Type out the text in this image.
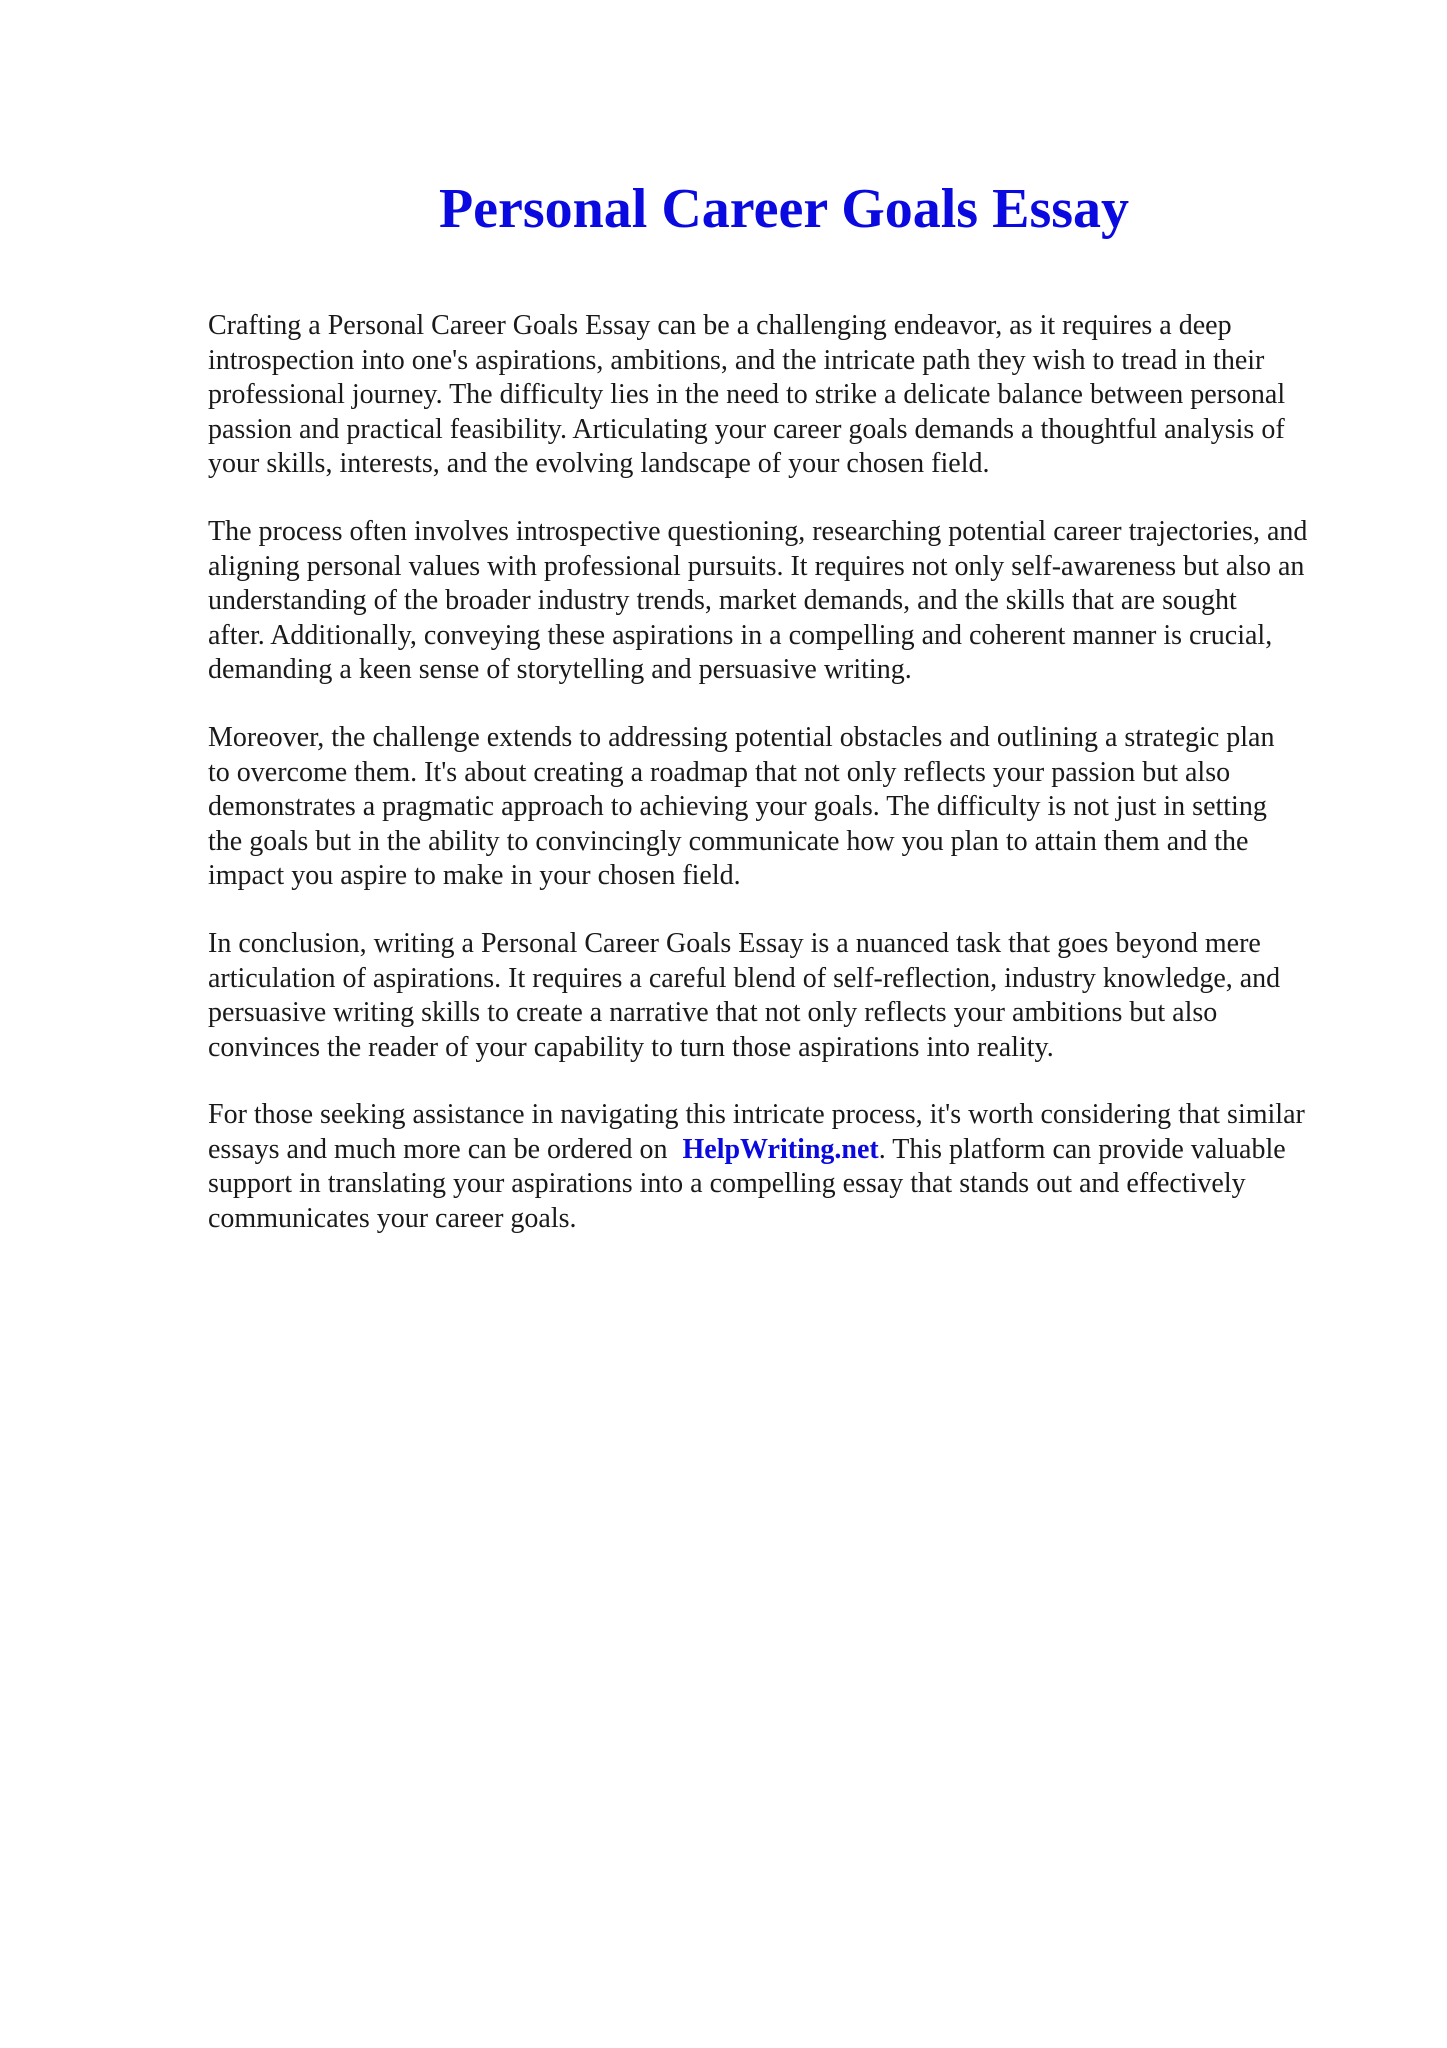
Personal Career Goals Essay
Crafting a Personal Career Goals Essay can be a challenging endeavor, as it requires a deep
introspection into one's aspirations, ambitions, and the intricate path they wish to tread in their
professional journey. The difficulty lies in the need to strike a delicate balance between personal
passion and practical feasibility. Articulating your career goals demands a thoughtful analysis of
your skills, interests, and the evolving landscape of your chosen field.
The process often involves introspective questioning, researching potential career trajectories, and
aligning personal values with professional pursuits. It requires not only self-awareness but also an
understanding of the broader industry trends, market demands, and the skills that are sought
after. Additionally, conveying these aspirations in a compelling and coherent manner is crucial,
demanding a keen sense of storytelling and persuasive writing.
Moreover, the challenge extends to addressing potential obstacles and outlining a strategic plan
to overcome them. It's about creating a roadmap that not only reflects your passion but also
demonstrates a pragmatic approach to achieving your goals. The difficulty is not just in setting
the goals but in the ability to convincingly communicate how you plan to attain them and the
impact you aspire to make in your chosen field.
In conclusion, writing a Personal Career Goals Essay is a nuanced task that goes beyond mere
articulation of aspirations. It requires a careful blend of self-reflection, industry knowledge, and
persuasive writing skills to create a narrative that not only reflects your ambitions but also
convinces the reader of your capability to turn those aspirations into reality.
For those seeking assistance in navigating this intricate process, it's worth considering that similar
essays and much more can be ordered on HelpWriting.net. This platform can provide valuable
support in translating your aspirations into a compelling essay that stands out and effectively
communicates your career goals.
